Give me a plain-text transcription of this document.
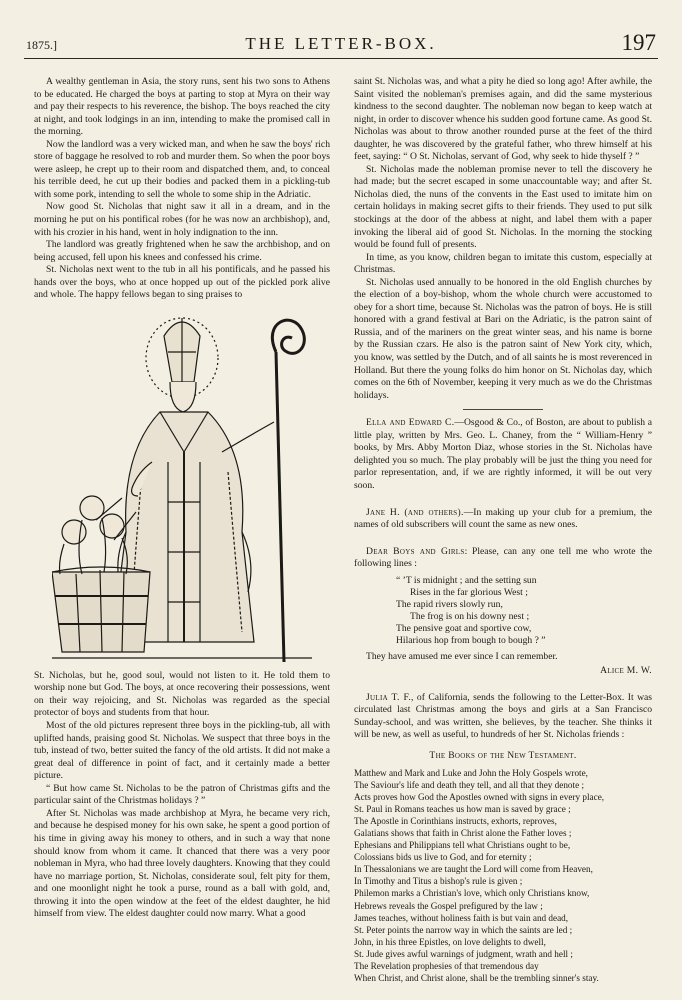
1875.]	THE LETTER-BOX.	197

A wealthy gentleman in Asia, the story runs, sent his two sons to Athens to be educated. He charged the boys at parting to stop at Myra on their way and pay their respects to his reverence, the bishop. The boys reached the city at night, and took lodgings in an inn, intending to make the promised call in the morning.

Now the landlord was a very wicked man, and when he saw the boys' rich store of baggage he resolved to rob and murder them. So when the poor boys were asleep, he crept up to their room and dispatched them, and, to conceal his terrible deed, he cut up their bodies and packed them in a pickling-tub with some pork, intending to sell the whole to some ship in the Adriatic.

Now good St. Nicholas that night saw it all in a dream, and in the morning he put on his pontifical robes (for he was now an archbishop), and, with his crozier in his hand, went in holy indignation to the inn.

The landlord was greatly frightened when he saw the archbishop, and on being accused, fell upon his knees and confessed his crime.

St. Nicholas next went to the tub in all his pontificals, and he passed his hands over the boys, who at once hopped up out of the pickled pork alive and whole. The happy fellows began to sing praises to

St. Nicholas, but he, good soul, would not listen to it. He told them to worship none but God. The boys, at once recovering their possessions, went on their way rejoicing, and St. Nicholas was regarded as the special protector of boys and students from that hour.

Most of the old pictures represent three boys in the pickling-tub, all with uplifted hands, praising good St. Nicholas. We suspect that three boys in the tub, instead of two, better suited the fancy of the old artists. It did not make a great deal of difference in point of fact, and it certainly made a better picture.

“ But how came St. Nicholas to be the patron of Christmas gifts and the particular saint of the Christmas holidays ? ”

After St. Nicholas was made archbishop at Myra, he became very rich, and because he despised money for his own sake, he spent a good portion of his time in giving away his money to others, and in such a way that none should know from whom it came. It chanced that there was a very poor nobleman in Myra, who had three lovely daughters. Knowing that they could have no marriage portion, St. Nicholas, considerate soul, felt pity for them, and one moonlight night he took a purse, round as a ball with gold, and, throwing it into the open window at the feet of the eldest daughter, he hid himself from view. The eldest daughter could now marry. What a good

saint St. Nicholas was, and what a pity he died so long ago! After awhile, the Saint visited the nobleman's premises again, and did the same mysterious kindness to the second daughter. The nobleman now began to keep watch at night, in order to discover whence his sudden good fortune came. As good St. Nicholas was about to throw another rounded purse at the feet of the third daughter, he was discovered by the grateful father, who threw himself at his feet, saying: “ O St. Nicholas, servant of God, why seek to hide thyself ? ”

St. Nicholas made the nobleman promise never to tell the discovery he had made; but the secret escaped in some unaccountable way; and after St. Nicholas died, the nuns of the convents in the East used to imitate him on certain holidays in making secret gifts to their friends. They used to put silk stockings at the door of the abbess at night, and label them with a paper invoking the liberal aid of good St. Nicholas. In the morning the stocking would be found full of presents.

In time, as you know, children began to imitate this custom, especially at Christmas.

St. Nicholas used annually to be honored in the old English churches by the election of a boy-bishop, whom the whole church were accustomed to obey for a short time, because St. Nicholas was the patron of boys. He is still honored with a grand festival at Bari on the Adriatic, is the patron saint of Russia, and of the mariners on the great winter seas, and his name is borne by the Russian czars. He also is the patron saint of New York city, which, you know, was settled by the Dutch, and of all saints he is most reverenced in Holland. But there the young folks do him honor on St. Nicholas day, which comes on the 6th of November, keeping it very much as we do the Christmas holidays.

Ella and Edward C.—Osgood & Co., of Boston, are about to publish a little play, written by Mrs. Geo. L. Chaney, from the “ William-Henry ” books, by Mrs. Abby Morton Diaz, whose stories in the St. Nicholas have delighted you so much. The play probably will be just the thing you need for parlor representation, and, if we are rightly informed, it will be out very soon.

Jane H. (and others).—In making up your club for a premium, the names of old subscribers will count the same as new ones.

Dear Boys and Girls: Please, can any one tell me who wrote the following lines :

“ ’T is midnight ; and the setting sun
Rises in the far glorious West ;
The rapid rivers slowly run,
The frog is on his downy nest ;
The pensive goat and sportive cow,
Hilarious hop from bough to bough ? ”

They have amused me ever since I can remember.

Alice M. W.

Julia T. F., of California, sends the following to the Letter-Box. It was circulated last Christmas among the boys and girls at a San Francisco Sunday-school, and was written, she believes, by the teacher. She thinks it will be new, as well as useful, to hundreds of her St. Nicholas friends :

The Books of the New Testament.
Matthew and Mark and Luke and John the Holy Gospels wrote,
The Saviour's life and death they tell, and all that they denote ;
Acts proves how God the Apostles owned with signs in every place,
St. Paul in Romans teaches us how man is saved by grace ;
The Apostle in Corinthians instructs, exhorts, reproves,
Galatians shows that faith in Christ alone the Father loves ;
Ephesians and Philippians tell what Christians ought to be,
Colossians bids us live to God, and for eternity ;
In Thessalonians we are taught the Lord will come from Heaven,
In Timothy and Titus a bishop's rule is given ;
Philemon marks a Christian's love, which only Christians know,
Hebrews reveals the Gospel prefigured by the law ;
James teaches, without holiness faith is but vain and dead,
St. Peter points the narrow way in which the saints are led ;
John, in his three Epistles, on love delights to dwell,
St. Jude gives awful warnings of judgment, wrath and hell ;
The Revelation prophesies of that tremendous day
When Christ, and Christ alone, shall be the trembling sinner's stay.
